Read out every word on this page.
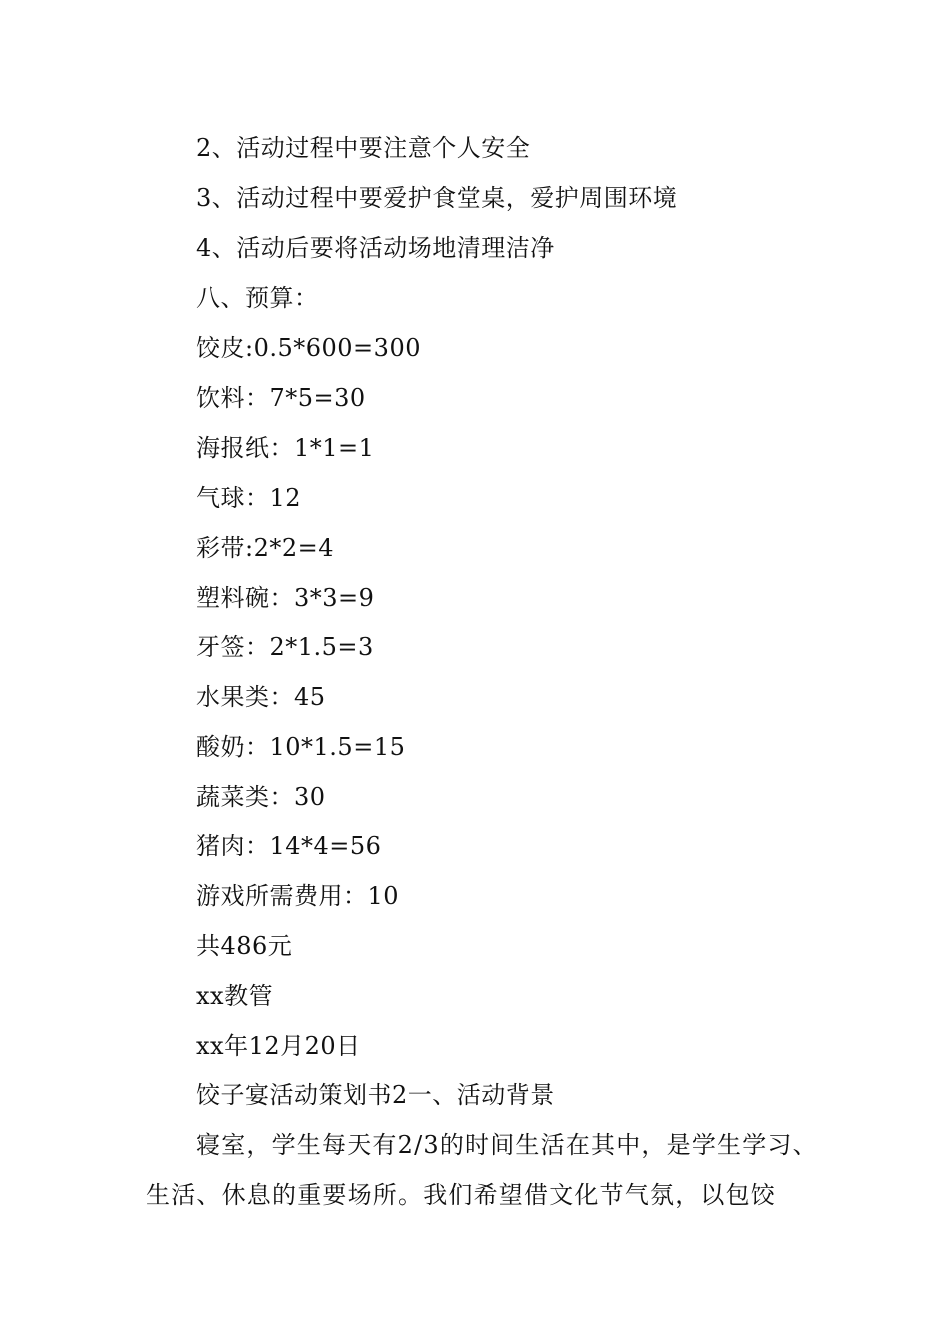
2、活动过程中要注意个人安全
3、活动过程中要爱护食堂桌，爱护周围环境
4、活动后要将活动场地清理洁净
八、预算：
饺皮:0.5*600=300
饮料：7*5=30
海报纸：1*1=1
气球：12
彩带:2*2=4
塑料碗：3*3=9
牙签：2*1.5=3
水果类：45
酸奶：10*1.5=15
蔬菜类：30
猪肉：14*4=56
游戏所需费用：10
共486元
xx教管
xx年12月20日
饺子宴活动策划书2一、活动背景
寝室，学生每天有2/3的时间生活在其中，是学生学习、
生活、休息的重要场所。我们希望借文化节气氛，以包饺
